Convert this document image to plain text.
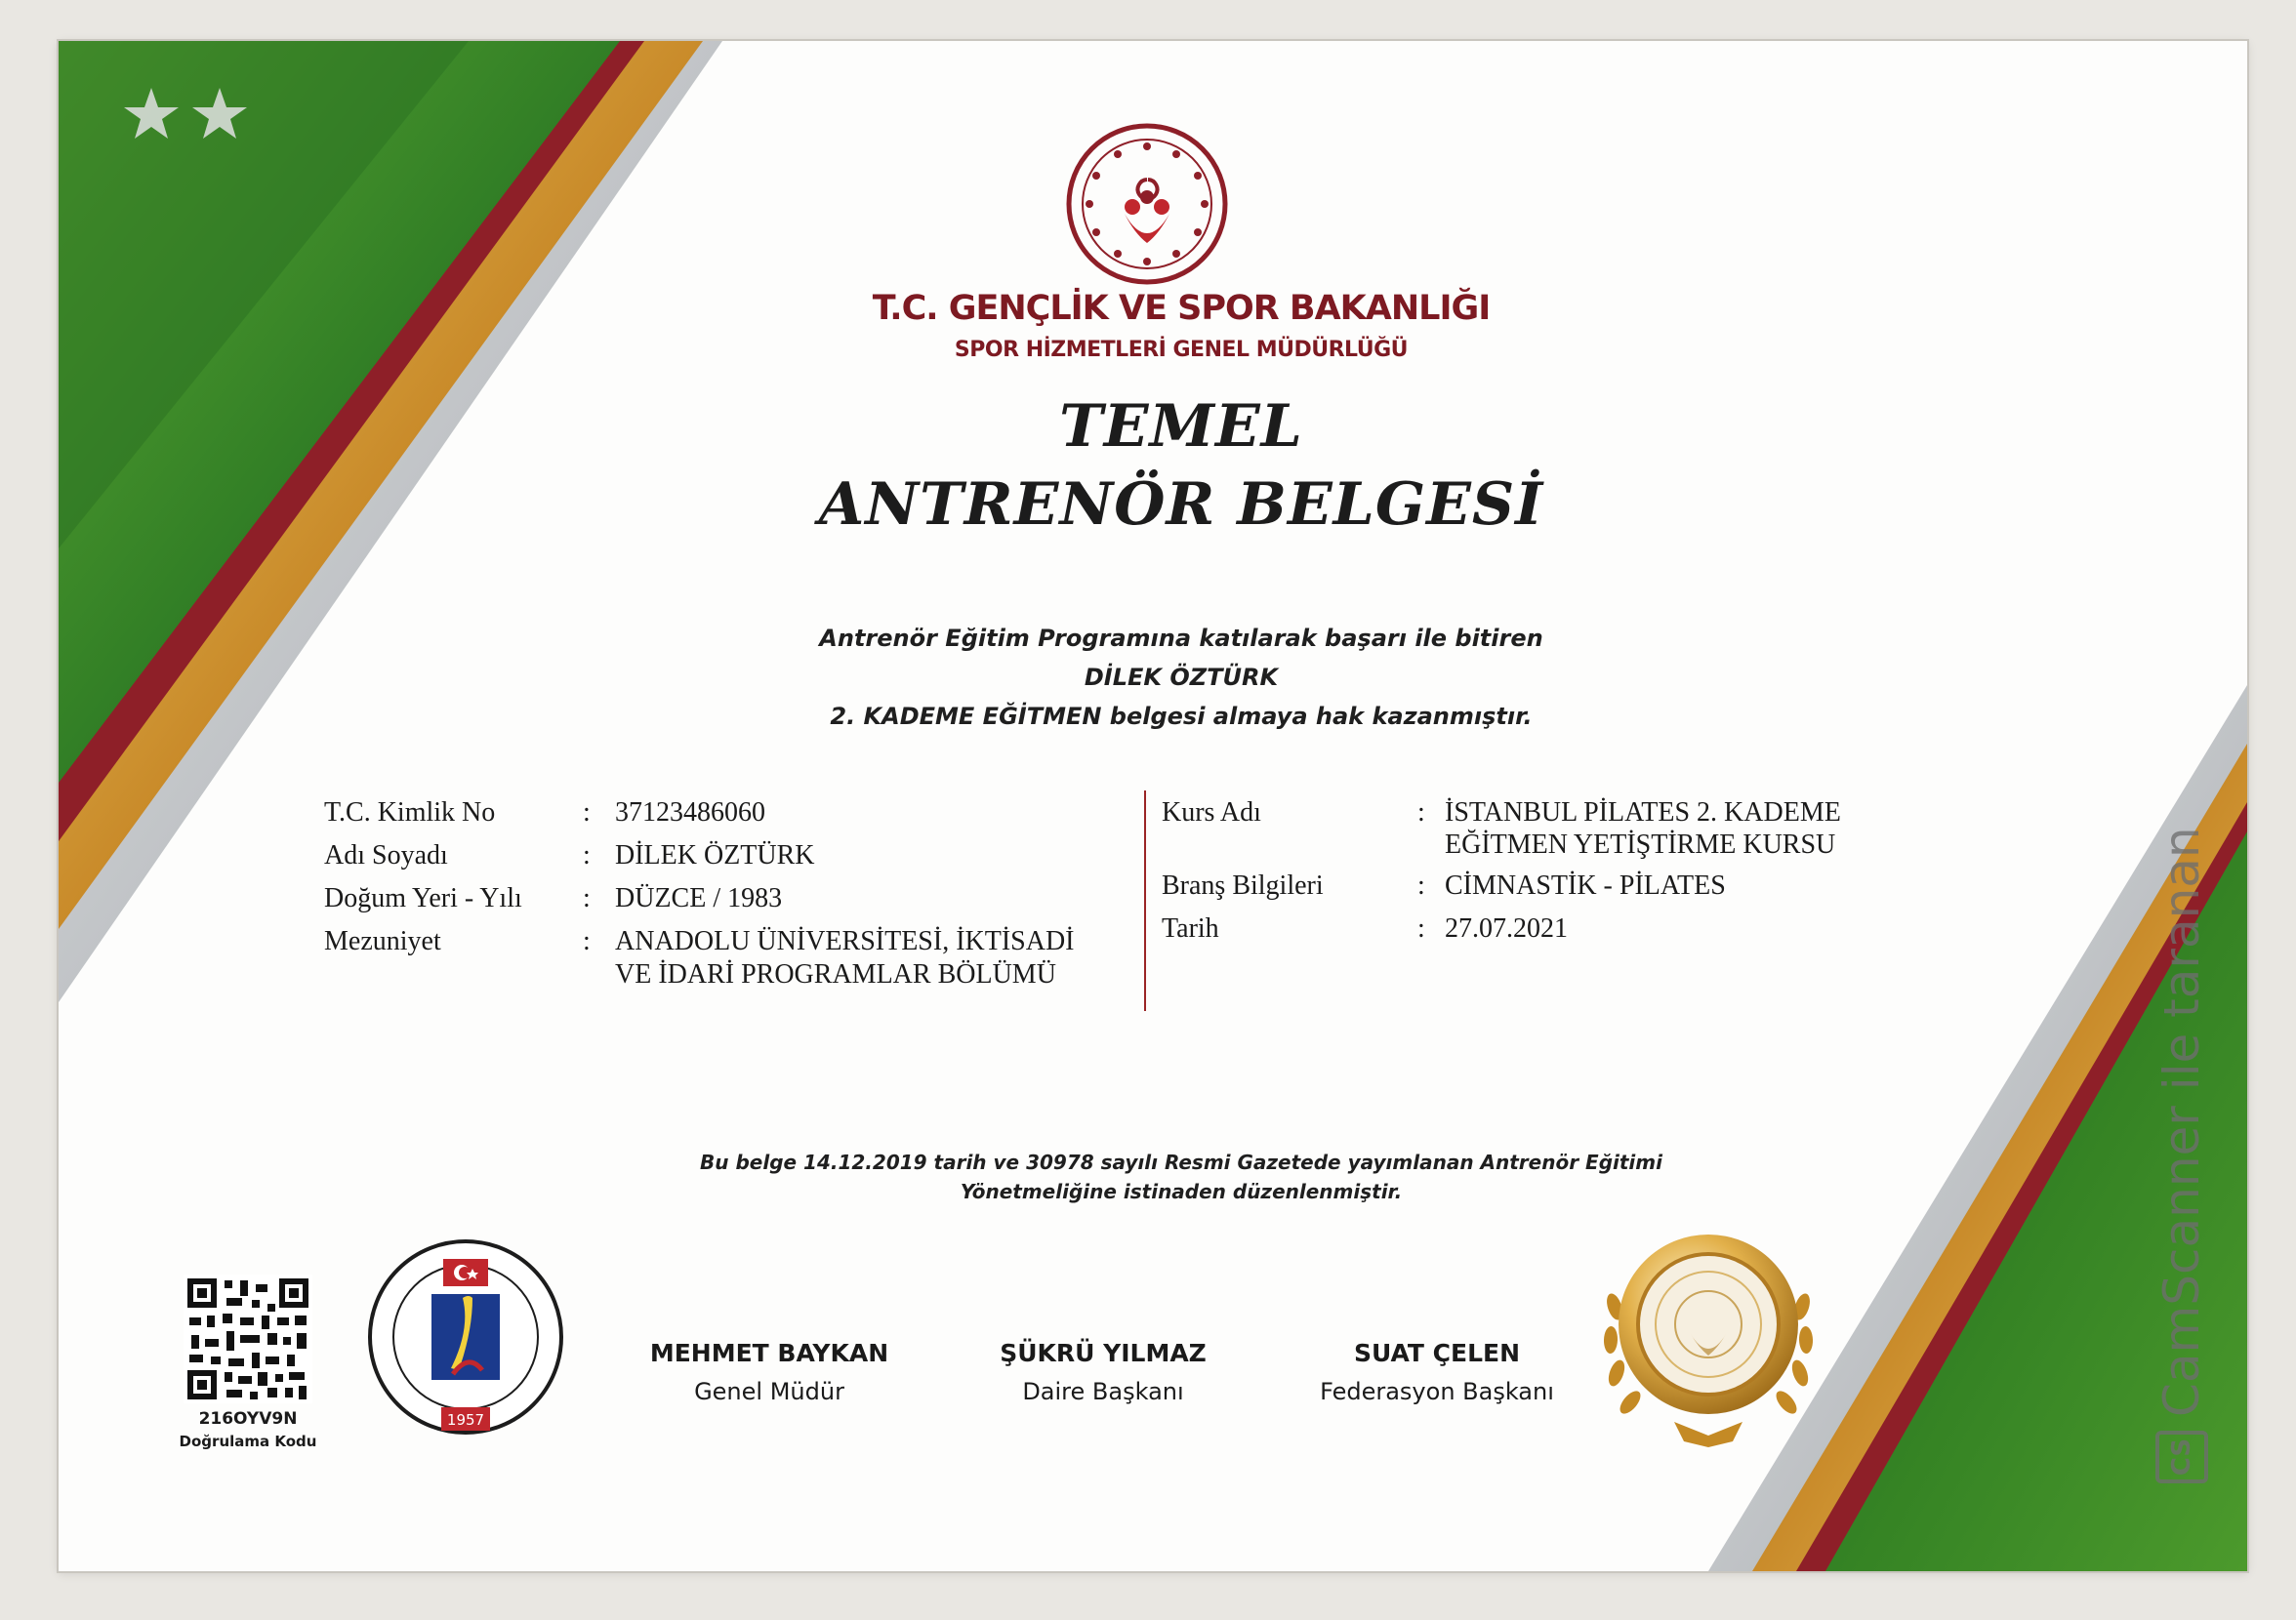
T.C. GENÇLİK VE SPOR BAKANLIĞI
SPOR HİZMETLERİ GENEL MÜDÜRLÜĞÜ
TEMEL
ANTRENÖR BELGESİ
Antrenör Eğitim Programına katılarak başarı ile bitiren
DİLEK ÖZTÜRK
2. KADEME EĞİTMEN belgesi almaya hak kazanmıştır.
T.C. Kimlik No	: 37123486060
Adı Soyadı	: DİLEK ÖZTÜRK
Doğum Yeri - Yılı	: DÜZCE / 1983
Mezuniyet	: ANADOLU ÜNİVERSİTESİ, İKTİSADİ
VE İDARİ PROGRAMLAR BÖLÜMÜ
Kurs Adı	: İSTANBUL PİLATES 2. KADEME
EĞİTMEN YETİŞTİRME KURSU
Branş Bilgileri	: CİMNASTİK - PİLATES
Tarih	: 27.07.2021
Bu belge 14.12.2019 tarih ve 30978 sayılı Resmi Gazetede yayımlanan Antrenör Eğitimi
Yönetmeliğine istinaden düzenlenmiştir.
216OYV9N
Doğrulama Kodu
1957
MEHMET BAYKAN
Genel Müdür
ŞÜKRÜ YILMAZ
Daire Başkanı
SUAT ÇELEN
Federasyon Başkanı
CS
CamScanner ile taranan
